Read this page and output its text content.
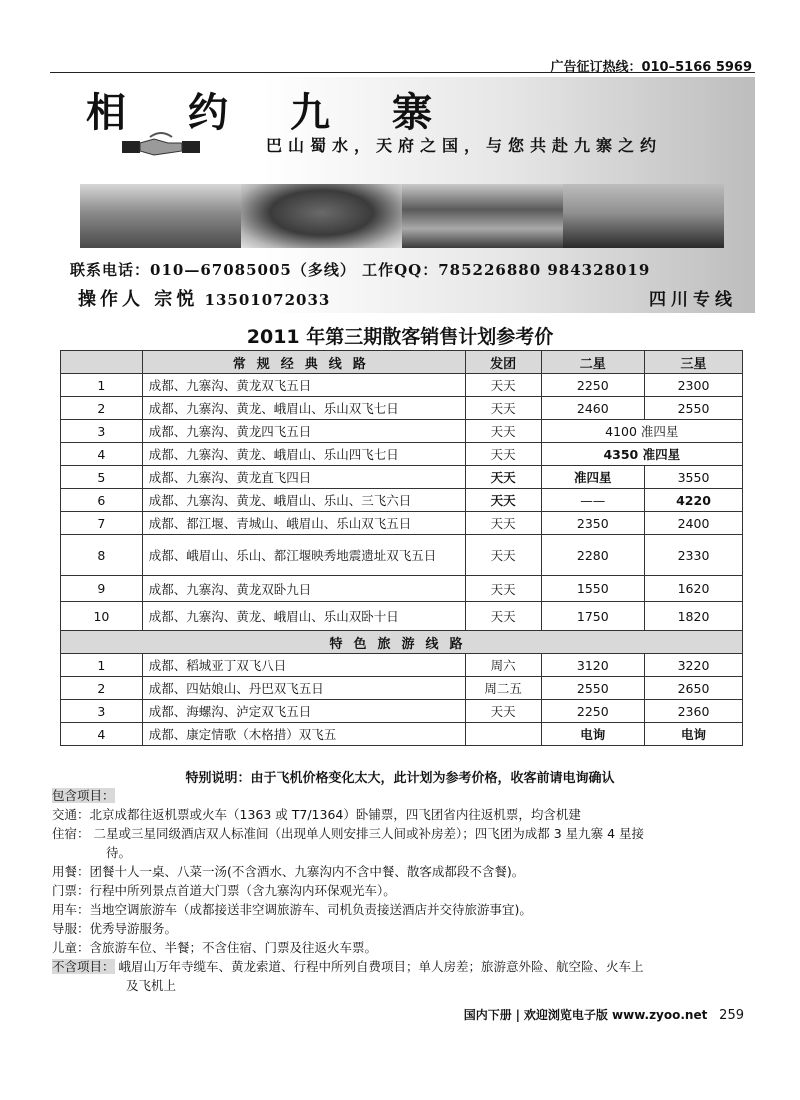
广告征订热线：010–5166 5969
相约九寨
巴山蜀水，天府之国，与您共赴九寨之约
联系电话：010—67085005（多线） 工作QQ：785226880 984328019
操作人 宗悦 13501072033	四川专线
2011 年第三期散客销售计划参考价
	常规经典线路	发团	二星	三星
1	成都、九寨沟、黄龙双飞五日	天天	2250	2300
2	成都、九寨沟、黄龙、峨眉山、乐山双飞七日	天天	2460	2550
3	成都、九寨沟、黄龙四飞五日	天天	4100 准四星	
4	成都、九寨沟、黄龙、峨眉山、乐山四飞七日	天天	4350 准四星	
5	成都、九寨沟、黄龙直飞四日	天天	准四星	3550
6	成都、九寨沟、黄龙、峨眉山、乐山、三飞六日	天天	——	4220
7	成都、都江堰、青城山、峨眉山、乐山双飞五日	天天	2350	2400
8	成都、峨眉山、乐山、都江堰映秀地震遗址双飞五日	天天	2280	2330
9	成都、九寨沟、黄龙双卧九日	天天	1550	1620
10	成都、九寨沟、黄龙、峨眉山、乐山双卧十日	天天	1750	1820
特色旅游线路				
1	成都、稻城亚丁双飞八日	周六	3120	3220
2	成都、四姑娘山、丹巴双飞五日	周二五	2550	2650
3	成都、海螺沟、泸定双飞五日	天天	2250	2360
4	成都、康定情歌（木格措）双飞五		电询	电询
特别说明：由于飞机价格变化太大，此计划为参考价格，收客前请电询确认
包含项目：
交通：北京成都往返机票或火车（1363 或 T7/1364）卧铺票，四飞团省内往返机票，均含机建
住宿： 二星或三星同级酒店双人标准间（出现单人则安排三人间或补房差）；四飞团为成都 3 星九寨 4 星接
待。
用餐：团餐十人一桌、八菜一汤(不含酒水、九寨沟内不含中餐、散客成都段不含餐)。
门票：行程中所列景点首道大门票（含九寨沟内环保观光车）。
用车：当地空调旅游车（成都接送非空调旅游车、司机负责接送酒店并交待旅游事宜)。
导服：优秀导游服务。
儿童：含旅游车位、半餐；不含住宿、门票及往返火车票。
不含项目： 峨眉山万年寺缆车、黄龙索道、行程中所列自费项目；单人房差；旅游意外险、航空险、火车上
及飞机上
国内下册 | 欢迎浏览电子版 www.zyoo.net 259
